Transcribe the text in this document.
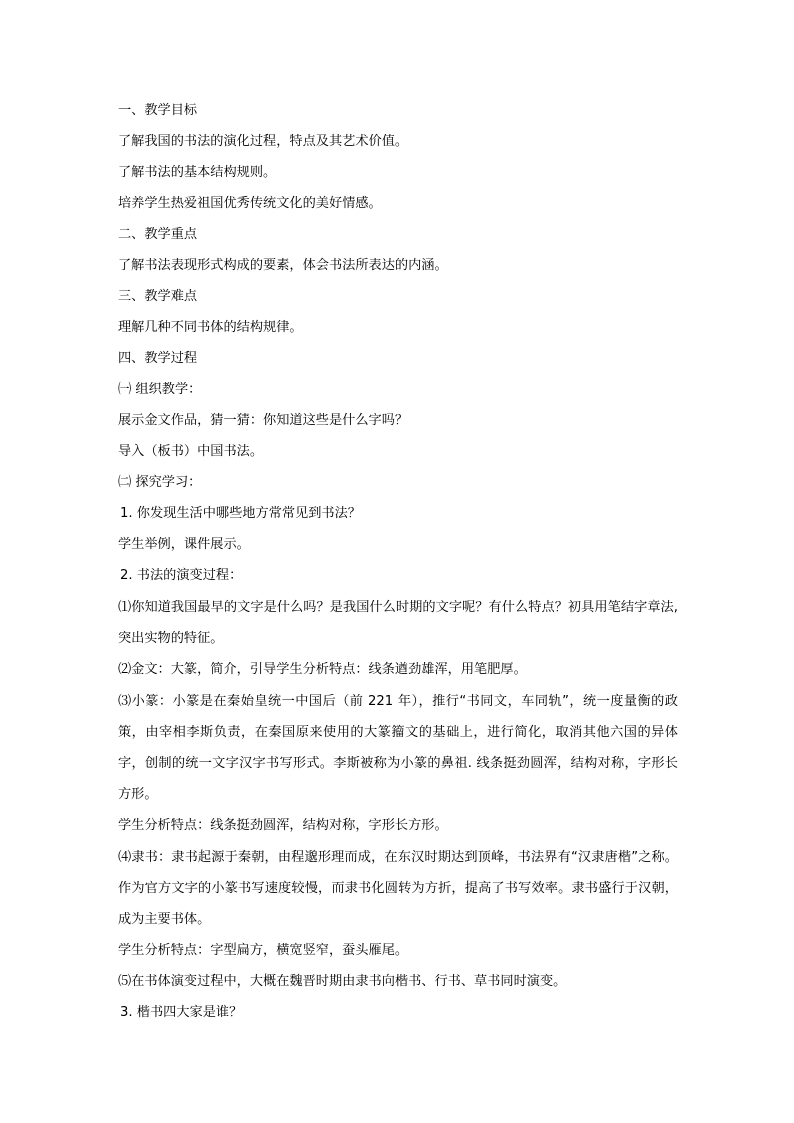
一、教学目标
了解我国的书法的演化过程，特点及其艺术价值。
了解书法的基本结构规则。
培养学生热爱祖国优秀传统文化的美好情感。
二、教学重点
了解书法表现形式构成的要素，体会书法所表达的内涵。
三、教学难点
理解几种不同书体的结构规律。
四、教学过程
㈠ 组织教学：
展示金文作品，猜一猜：你知道这些是什么字吗？
导入（板书）中国书法。
㈡ 探究学习：
1. 你发现生活中哪些地方常常见到书法？
学生举例，课件展示。
2. 书法的演变过程：
⑴你知道我国最早的文字是什么吗？是我国什么时期的文字呢？有什么特点？初具用笔结字章法,突出实物的特征。
⑵金文：大篆，简介，引导学生分析特点：线条遒劲雄浑，用笔肥厚。
⑶小篆：小篆是在秦始皇统一中国后（前 221 年），推行“书同文，车同轨”，统一度量衡的政策，由宰相李斯负责，在秦国原来使用的大篆籀文的基础上，进行简化，取消其他六国的异体字，创制的统一文字汉字书写形式。李斯被称为小篆的鼻祖. 线条挺劲圆浑，结构对称，字形长方形。
学生分析特点：线条挺劲圆浑，结构对称，字形长方形。
⑷隶书：隶书起源于秦朝，由程邈形理而成，在东汉时期达到顶峰，书法界有“汉隶唐楷”之称。作为官方文字的小篆书写速度较慢，而隶书化圆转为方折，提高了书写效率。隶书盛行于汉朝，成为主要书体。
学生分析特点：字型扁方，横宽竖窄，蚕头雁尾。
⑸在书体演变过程中，大概在魏晋时期由隶书向楷书、行书、草书同时演变。
3. 楷书四大家是谁？
